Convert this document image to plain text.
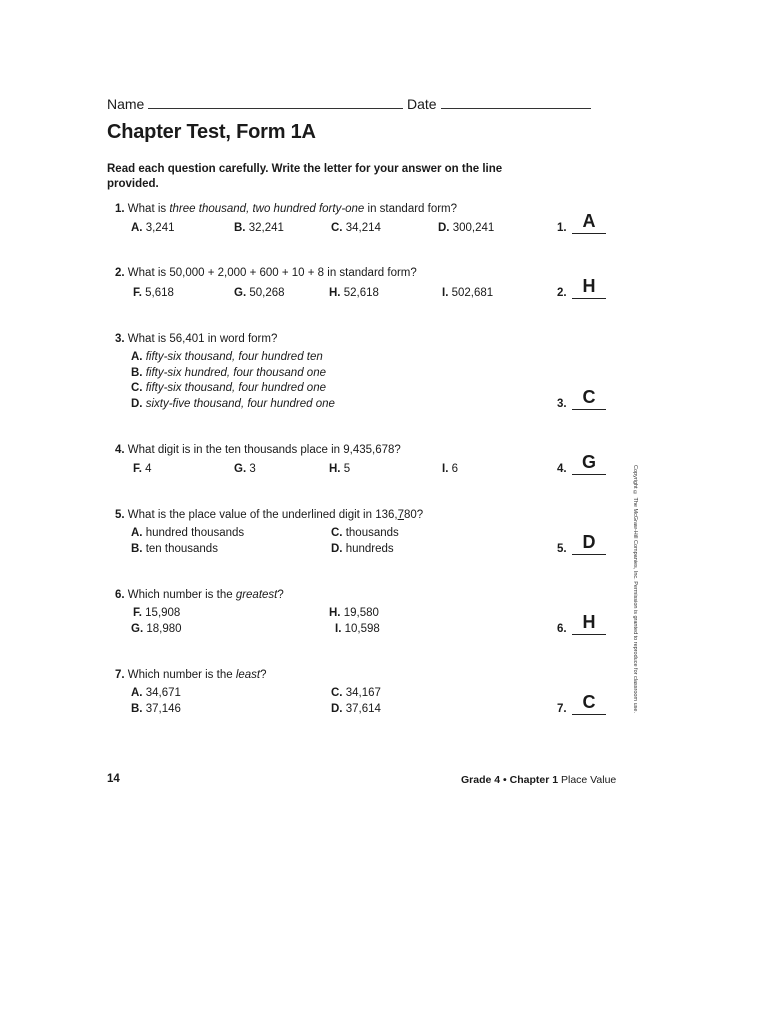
Name	Date
Chapter Test, Form 1A
Read each question carefully. Write the letter for your answer on the line provided.
1. What is three thousand, two hundred forty-one in standard form?
A. 3,241	B. 32,241	C. 34,214	D. 300,241	1. A
2. What is 50,000 + 2,000 + 600 + 10 + 8 in standard form?
F. 5,618	G. 50,268	H. 52,618	I. 502,681	2. H
3. What is 56,401 in word form?
A. fifty-six thousand, four hundred ten
B. fifty-six hundred, four thousand one
C. fifty-six thousand, four hundred one
D. sixty-five thousand, four hundred one	3. C
4. What digit is in the ten thousands place in 9,435,678?
F. 4	G. 3	H. 5	I. 6	4. G
5. What is the place value of the underlined digit in 136,780?
A. hundred thousands	C. thousands
B. ten thousands	D. hundreds	5. D
6. Which number is the greatest?
F. 15,908	H. 19,580
G. 18,980	I. 10,598	6. H
7. Which number is the least?
A. 34,671	C. 34,167
B. 37,146	D. 37,614	7. C	Copyright © The McGraw-Hill Companies, Inc. Permission is granted to reproduce for classroom use.
14	Grade 4 • Chapter 1 Place Value
